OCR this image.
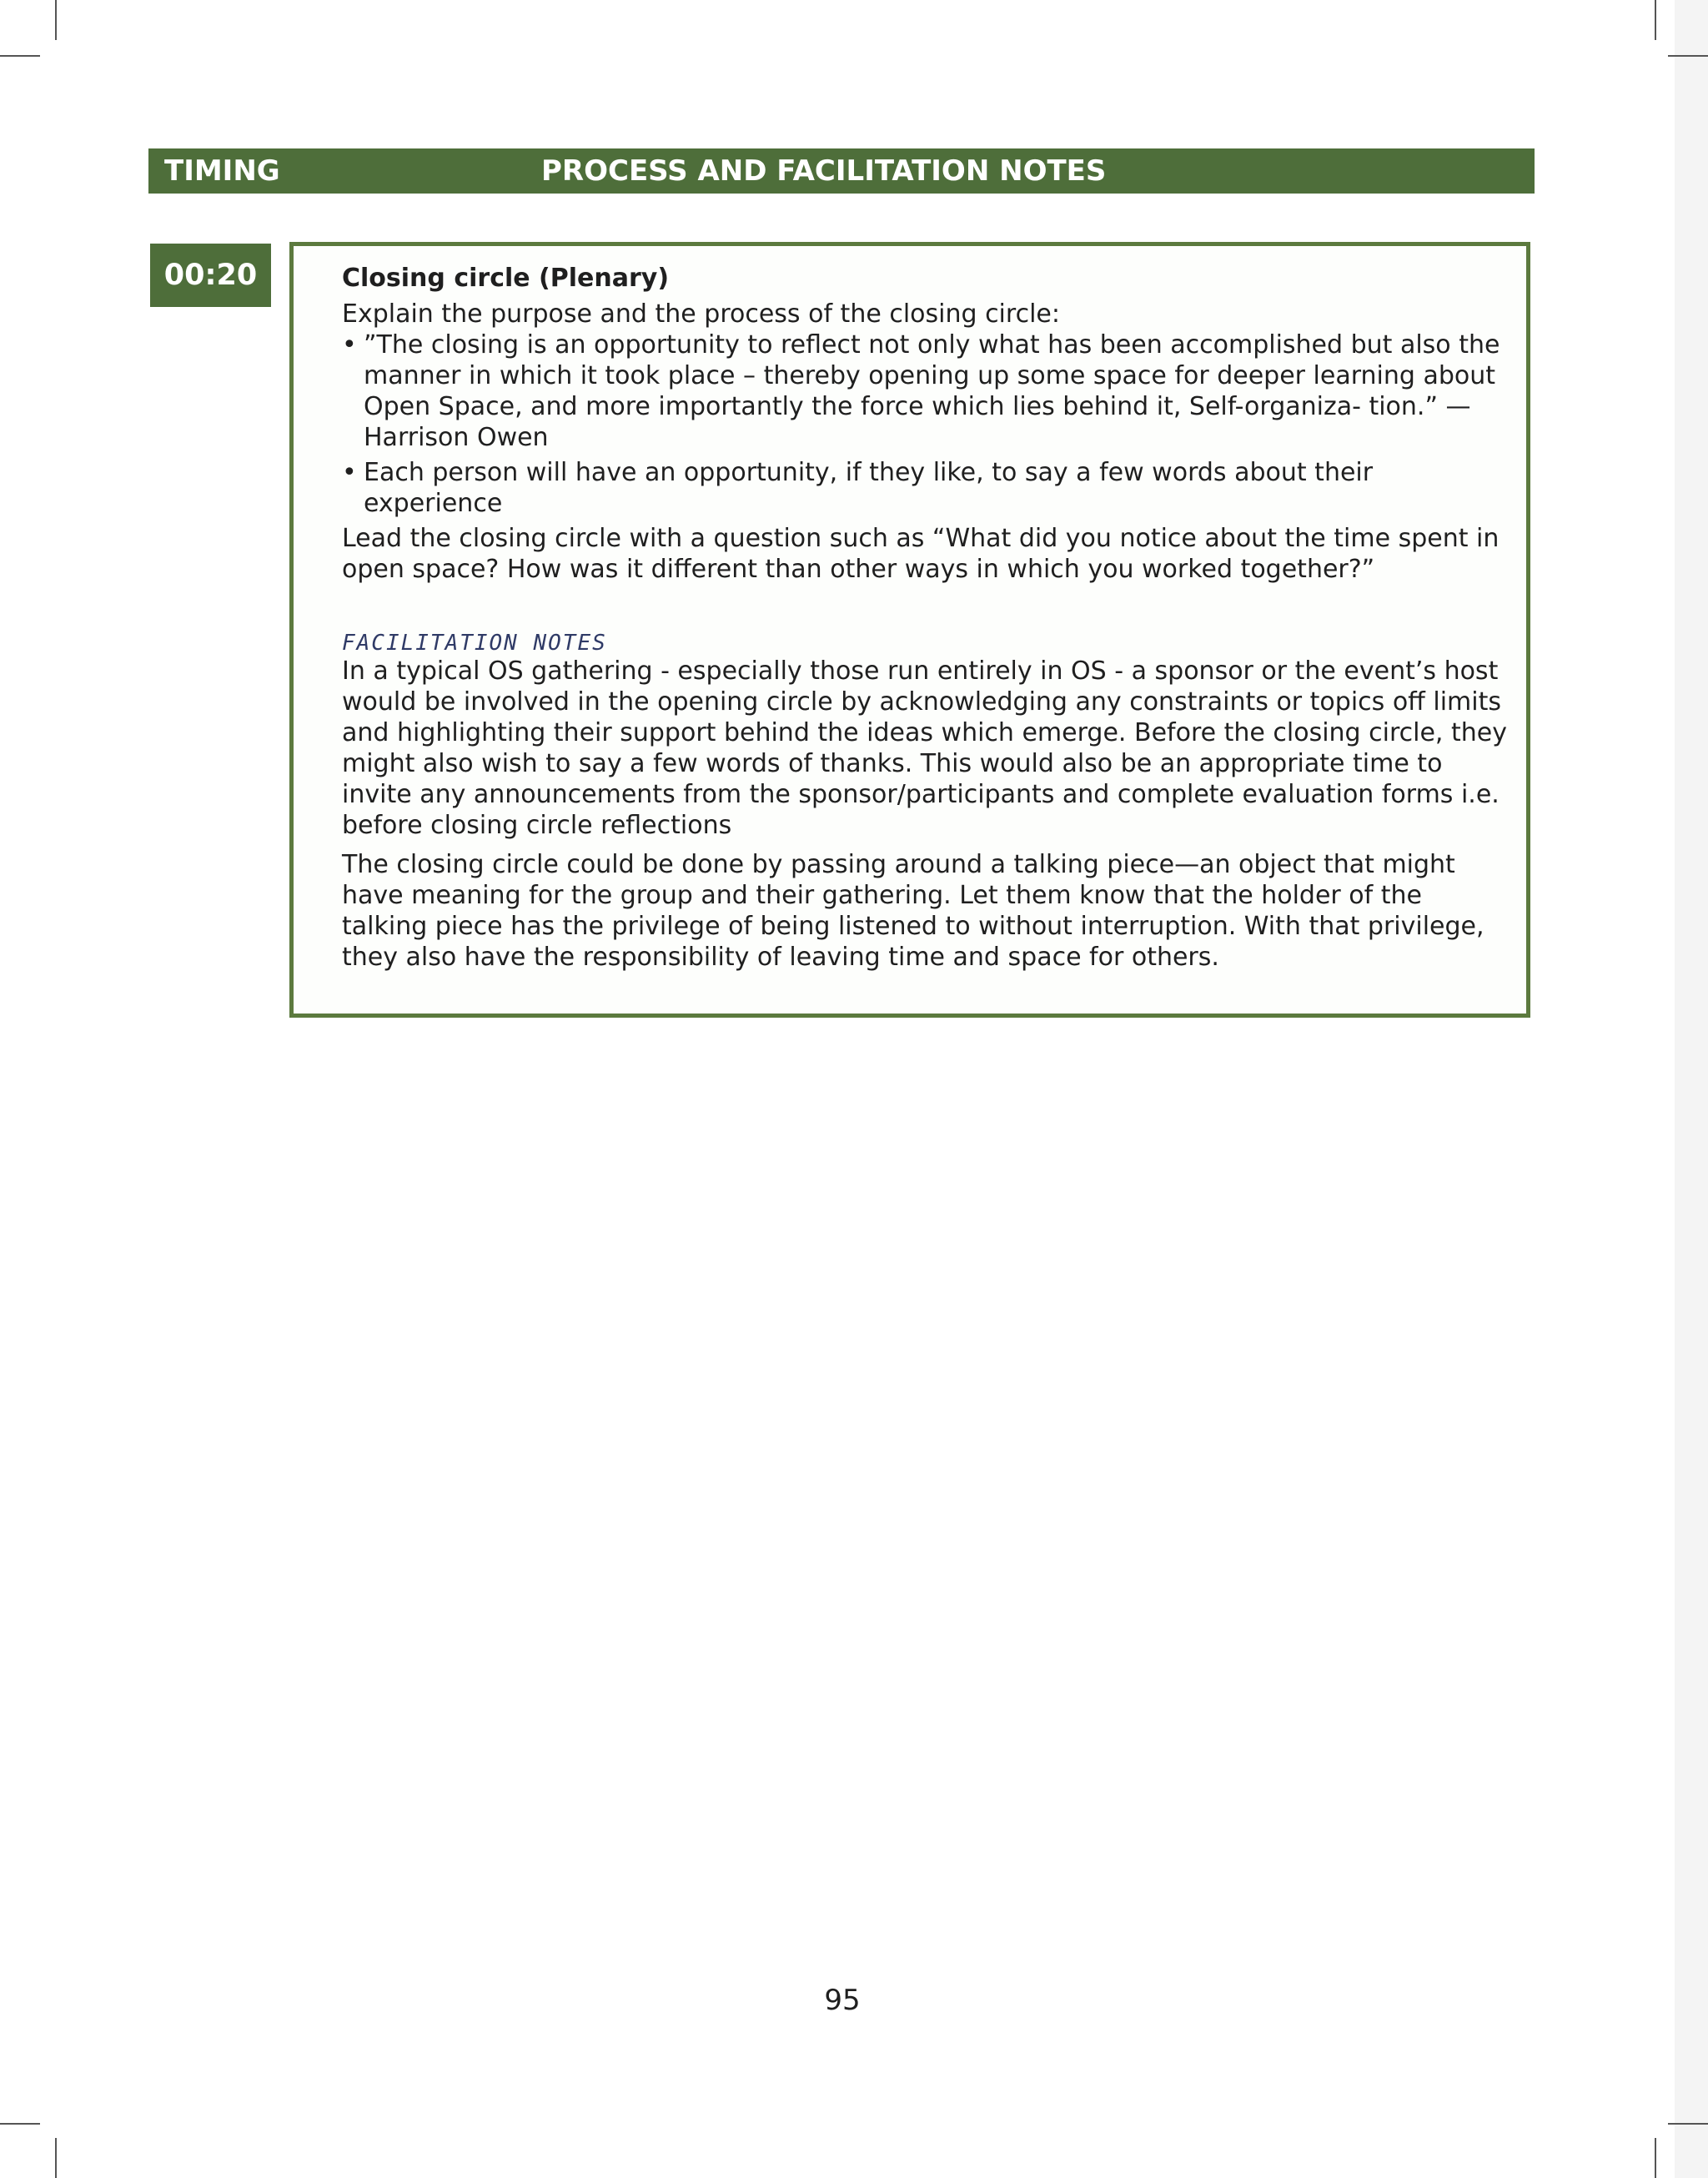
TIMING	PROCESS AND FACILITATION NOTES
00:20	Closing circle (Plenary)

Explain the purpose and the process of the closing circle:

• ”The closing is an opportunity to reflect not only what has been accomplished but also the manner in which it took place – thereby opening up some space for deeper learning about Open Space, and more importantly the force which lies behind it, Self-organiza- tion.” —Harrison Owen
• Each person will have an opportunity, if they like, to say a few words about their experience

Lead the closing circle with a question such as “What did you notice about the time spent in open space? How was it different than other ways in which you worked together?”

FACILITATION NOTES

In a typical OS gathering - especially those run entirely in OS - a sponsor or the event’s host would be involved in the opening circle by acknowledging any constraints or topics off limits and highlighting their support behind the ideas which emerge. Before the closing circle, they might also wish to say a few words of thanks. This would also be an appropriate time to invite any announcements from the sponsor/participants and complete evaluation forms i.e. before closing circle reflections

The closing circle could be done by passing around a talking piece—an object that might have meaning for the group and their gathering. Let them know that the holder of the talking piece has the privilege of being listened to without interruption. With that privilege, they also have the responsibility of leaving time and space for others.

95
